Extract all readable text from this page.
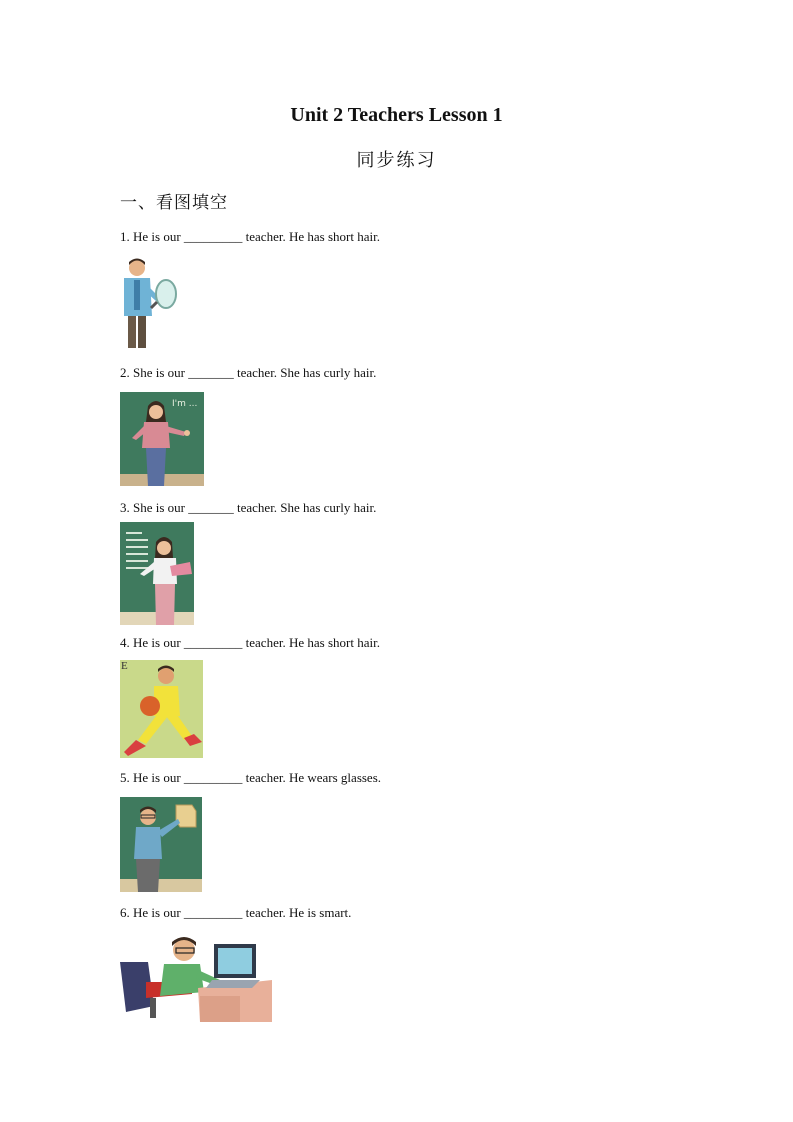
Unit 2 Teachers Lesson 1
同步练习
一、看图填空
1. He is our _________ teacher. He has short hair.
2. She is our _______ teacher. She has curly hair.
I'm ...
3. She is our _______ teacher. She has curly hair.
4. He is our _________ teacher. He has short hair.
E
5. He is our _________ teacher. He wears glasses.
6. He is our _________ teacher. He is smart.
